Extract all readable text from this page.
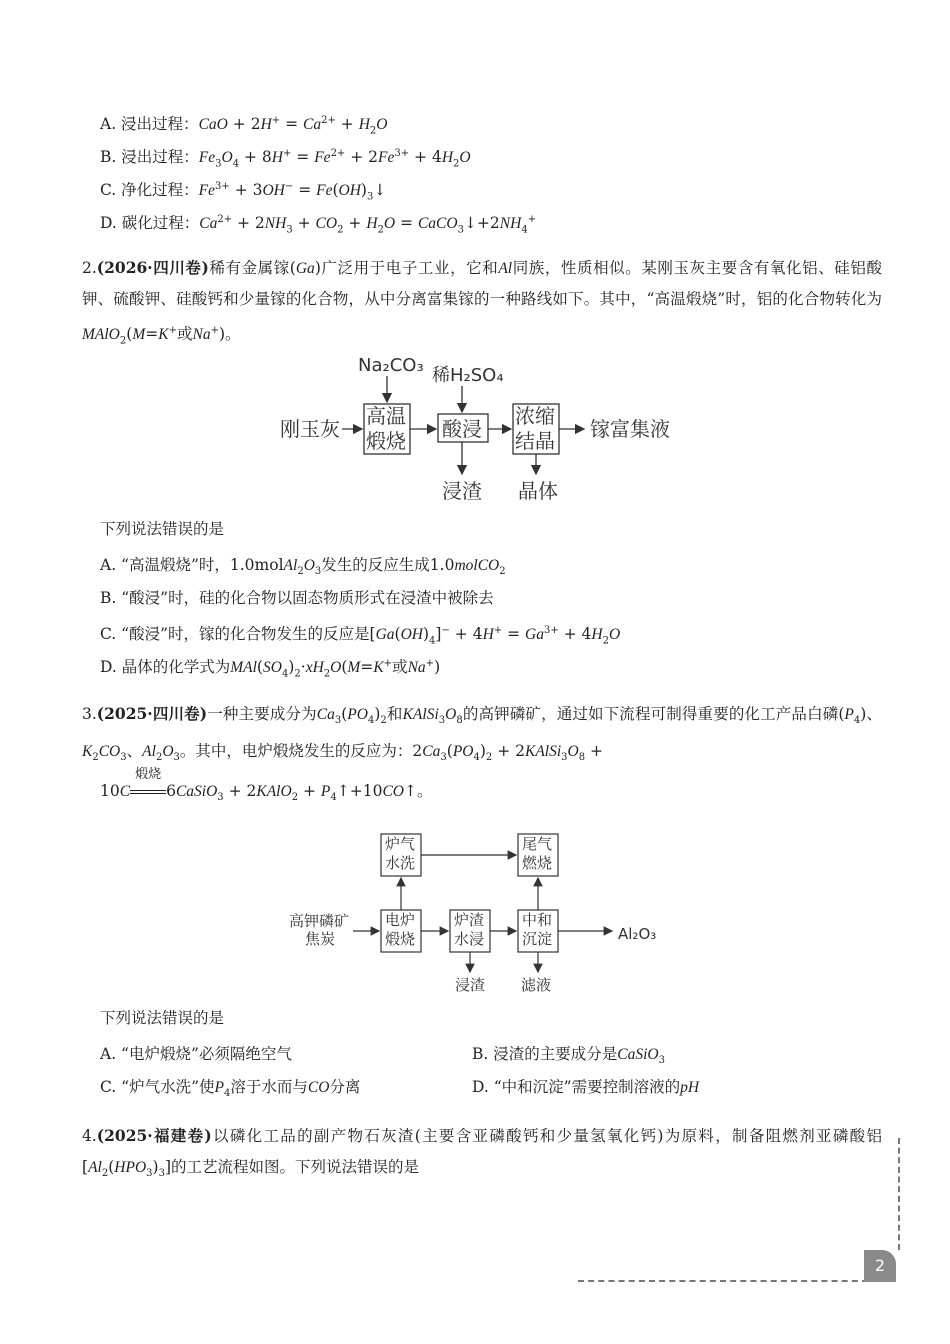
A. 浸出过程：CaO + $2H^+ = Ca^{2+} + H_2O$
B. 浸出过程：$Fe_3O_4 + 8H^+ = Fe^{2+} + 2Fe^{3+} + 4H_2O$
C. 净化过程：$Fe^{3+} + 3OH^-$ = $Fe(OH)_3↓$
D. 碳化过程：$Ca^{2+} + 2NH_3 + CO_2 + H_2O$ = $CaCO_3↓+2NH_4^+$
2.(2026·四川卷)稀有金属镓(Ga)广泛用于电子工业，它和Al同族，性质相似。某刚玉灰主要含有氧化铝、硅铝酸钾、硫酸钾、硅酸钙和少量镓的化合物，从中分离富集镓的一种路线如下。其中，“高温煅烧”时，铝的化合物转化为MAlO$_2$(M=K+或Na+)。
Na₂CO₃ 稀H₂SO₄
刚玉灰
高温
煅烧 酸浸
浓缩
结晶 镓富集液
浸渣 晶体
下列说法错误的是
A. “高温煅烧”时，$1.0molAl_2O_3$发生的反应生成1.0molCO$_2$
B. “酸浸”时，硅的化合物以固态物质形式在浸渣中被除去
C. “酸浸”时，镓的化合物发生的反应是$[Ga(OH)_4]^- + 4H^+ = Ga^{3+} + 4H_2O$
D. 晶体的化学式为$MAl(SO_4)_2\cdot xH_2O(M=K^+$或Na+)
3.(2025·四川卷)一种主要成分为$Ca_3(PO_4)_2$和$KAlSi_3O_8$的高钾磷矿，通过如下流程可制得重要的化工产品白磷$(P_4)$、$K_2CO_3$、$Al_2O_3$。其中，电炉煅烧发生的反应为：$2Ca_3(PO_4)_2$ + $2KAlSi_3O_8$ +
10C
煅烧
6CaSiO$_3$ + 2KAlO$_2$ + $P_4↑+10CO↑$。
高钾磷矿
焦炭
电炉
煅烧
炉渣
水浸
中和
沉淀
炉气
水洗
尾气
燃烧
Al₂O₃
浸渣 滤液
下列说法错误的是
A. “电炉煅烧”必须隔绝空气	B. 浸渣的主要成分是CaSiO$_3$
C. “炉气水洗”使$P_4$溶于水而与CO分离	D. “中和沉淀”需要控制溶液的pH
4.(2025·福建卷)以磷化工品的副产物石灰渣(主要含亚磷酸钙和少量氢氧化钙)为原料，制备阻燃剂亚磷酸铝$[Al_2(HPO_3)_3]$的工艺流程如图。下列说法错误的是
2
